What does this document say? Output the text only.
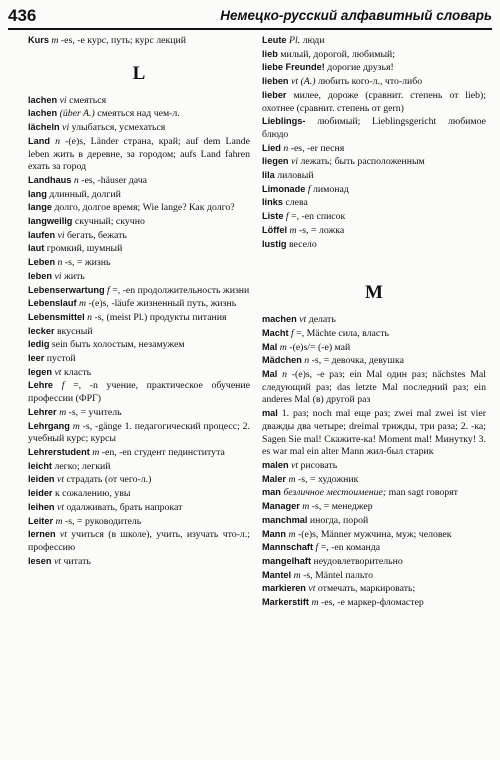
436	Немецко-русский алфавитный словарь

Kurs m -es, -e курс, путь; курс лекций

L

lachen vi смеяться

lachen (über A.) смеяться над чем-л.

lächeln vi улыбаться, усмехаться

Land n -(e)s, Länder страна, край; auf dem Lande leben жить в деревне, за городом; aufs Land fahren ехать за город

Landhaus n -es, -häuser дача

lang длинный, долгий

lange долго, долгое время; Wie lange? Как долго?

langweilig скучный; скучно

laufen vi бегать, бежать

laut громкий, шумный

Leben n -s, = жизнь

leben vi жить

Lebenserwartung f =, -en продолжительность жизни

Lebenslauf m -(e)s, -läufe жизненный путь, жизнь

Lebensmittel n -s, (meist Pl.) продукты питания

lecker вкусный

ledig sein быть холостым, незамужем

leer пустой

legen vt класть

Lehre f =, -n учение, практическое обучение профессии (ФРГ)

Lehrer m -s, = учитель

Lehrgang m -s, -gänge 1. педагогический процесс; 2. учебный курс; курсы

Lehrerstudent m -en, -en студент пединститута

leicht легко; легкий

leiden vt страдать (от чего-л.)

leider к сожалению, увы

leihen vt одалживать, брать напрокат

Leiter m -s, = руководитель

lernen vt учиться (в школе), учить, изучать что-л.; профессию

lesen vt читать

Leute Pl. люди

lieb милый, дорогой, любимый;

liebe Freunde! дорогие друзья!

lieben vt (A.) любить кого-л., что-либо

lieber милее, дороже (сравнит. степень от lieb); охотнее (сравнит. степень от gern)

Lieblings- любимый; Lieblingsgericht любимое блюдо

Lied n -es, -er песня

liegen vi лежать; быть расположенным

lila лиловый

Limonade f лимонад

links слева

Liste f =, -en список

Löffel m -s, = ложка

lustig весело

M

machen vt делать

Macht f =, Mächte сила, власть

Mal m -(e)s/= (-e) май

Mädchen n -s, = девочка, девушка

Mal n -(e)s, -e раз; ein Mal один раз; nächstes Mal следующий раз; das letzte Mal последний раз; ein anderes Mal (в) другой раз

mal 1. раз; noch mal еще раз; zwei mal zwei ist vier дважды два четыре; dreimal трижды, три раза; 2. -ка; Sagen Sie mal! Скажите-ка! Moment mal! Минутку! 3. es war mal ein alter Mann жил-был старик

malen vt рисовать

Maler m -s, = художник

man безличное местоимение; man sagt говорят

Manager m -s, = менеджер

manchmal иногда, порой

Mann m -(e)s, Männer мужчина, муж; человек

Mannschaft f =, -en команда

mangelhaft неудовлетворительно

Mantel m -s, Mäntel пальто

markieren vt отмечать, маркировать;

Markerstift m -es, -e маркер-фломастер
